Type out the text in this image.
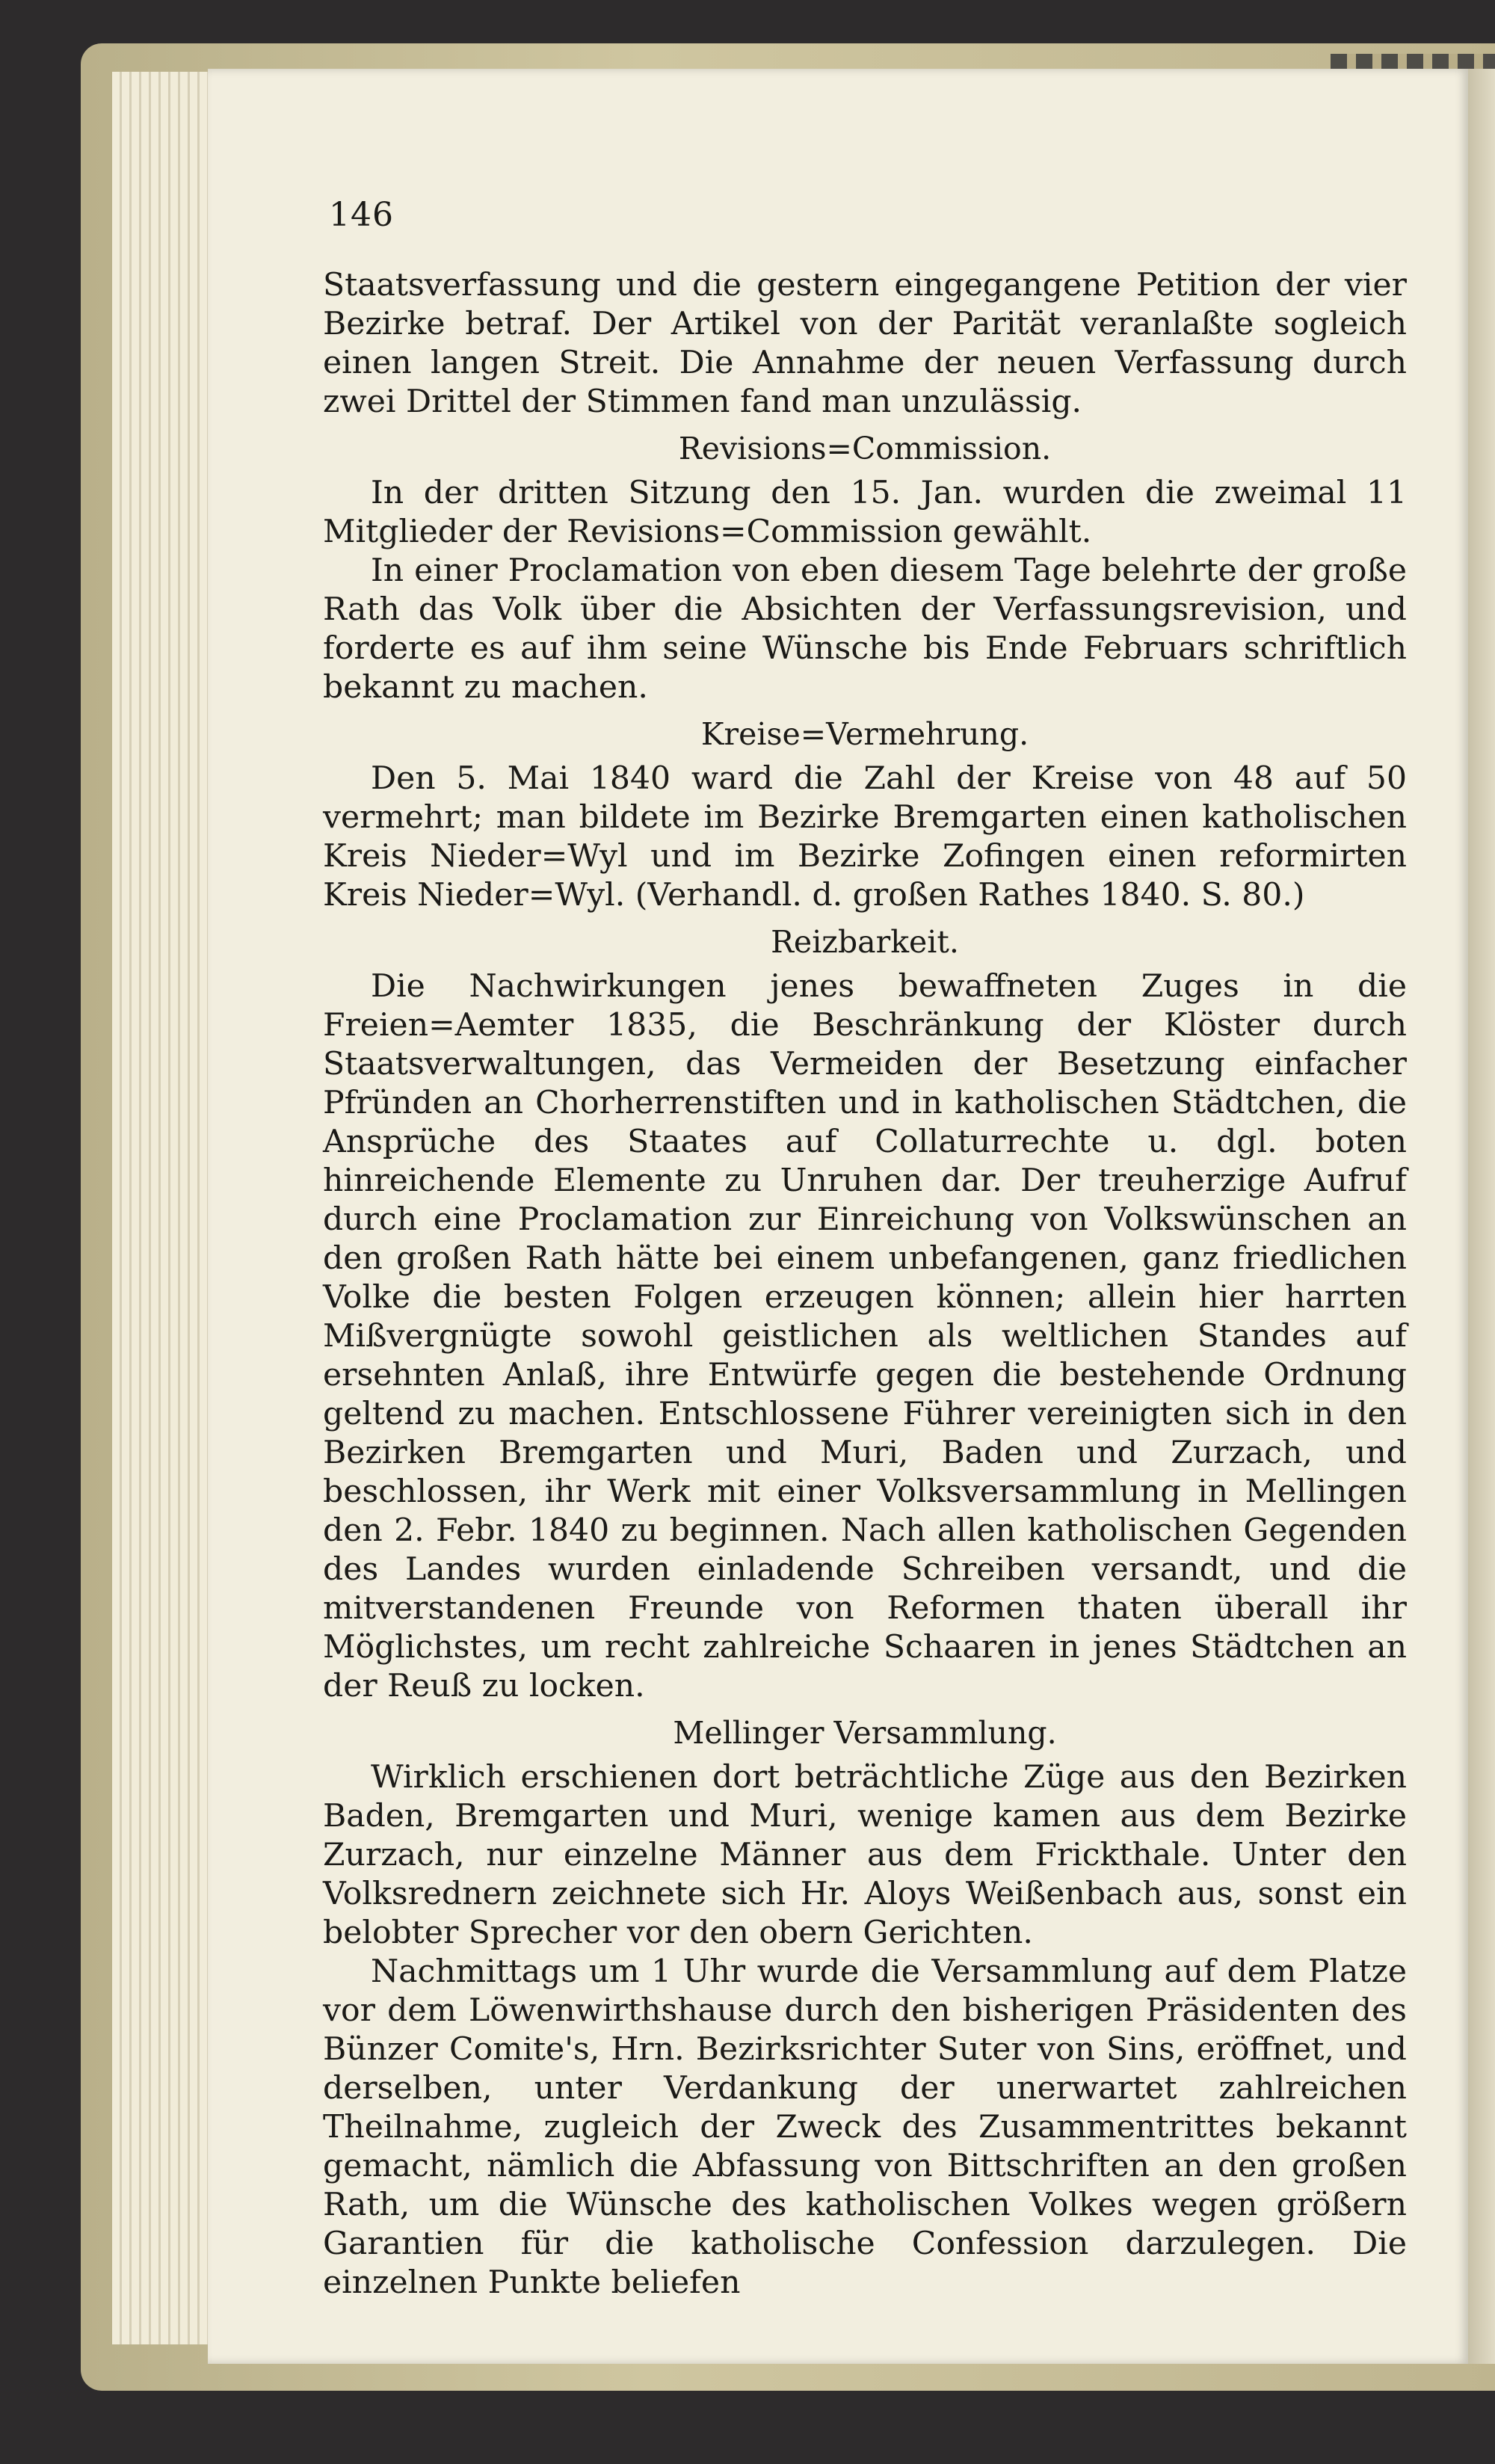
146

Staatsverfassung und die gestern eingegangene Petition der vier Bezirke betraf. Der Artikel von der Parität veranlaßte sogleich einen langen Streit. Die Annahme der neuen Verfassung durch zwei Drittel der Stimmen fand man unzulässig.

Revisions=Commission.

In der dritten Sitzung den 15. Jan. wurden die zweimal 11 Mitglieder der Revisions=Commission gewählt.

In einer Proclamation von eben diesem Tage belehrte der große Rath das Volk über die Absichten der Verfassungsrevision, und forderte es auf ihm seine Wünsche bis Ende Februars schriftlich bekannt zu machen.

Kreise=Vermehrung.

Den 5. Mai 1840 ward die Zahl der Kreise von 48 auf 50 vermehrt; man bildete im Bezirke Bremgarten einen katholischen Kreis Nieder=Wyl und im Bezirke Zofingen einen reformirten Kreis Nieder=Wyl. (Verhandl. d. großen Rathes 1840. S. 80.)

Reizbarkeit.

Die Nachwirkungen jenes bewaffneten Zuges in die Freien=Aemter 1835, die Beschränkung der Klöster durch Staatsverwaltungen, das Vermeiden der Besetzung einfacher Pfründen an Chorherrenstiften und in katholischen Städtchen, die Ansprüche des Staates auf Collaturrechte u. dgl. boten hinreichende Elemente zu Unruhen dar. Der treuherzige Aufruf durch eine Proclamation zur Einreichung von Volkswünschen an den großen Rath hätte bei einem unbefangenen, ganz friedlichen Volke die besten Folgen erzeugen können; allein hier harrten Mißvergnügte sowohl geistlichen als weltlichen Standes auf ersehnten Anlaß, ihre Entwürfe gegen die bestehende Ordnung geltend zu machen. Entschlossene Führer vereinigten sich in den Bezirken Bremgarten und Muri, Baden und Zurzach, und beschlossen, ihr Werk mit einer Volksversammlung in Mellingen den 2. Febr. 1840 zu beginnen. Nach allen katholischen Gegenden des Landes wurden einladende Schreiben versandt, und die mitverstandenen Freunde von Reformen thaten überall ihr Möglichstes, um recht zahlreiche Schaaren in jenes Städtchen an der Reuß zu locken.

Mellinger Versammlung.

Wirklich erschienen dort beträchtliche Züge aus den Bezirken Baden, Bremgarten und Muri, wenige kamen aus dem Bezirke Zurzach, nur einzelne Männer aus dem Frickthale. Unter den Volksrednern zeichnete sich Hr. Aloys Weißenbach aus, sonst ein belobter Sprecher vor den obern Gerichten.

Nachmittags um 1 Uhr wurde die Versammlung auf dem Platze vor dem Löwenwirthshause durch den bisherigen Präsidenten des Bünzer Comite's, Hrn. Bezirksrichter Suter von Sins, eröffnet, und derselben, unter Verdankung der unerwartet zahlreichen Theilnahme, zugleich der Zweck des Zusammentrittes bekannt gemacht, nämlich die Abfassung von Bittschriften an den großen Rath, um die Wünsche des katholischen Volkes wegen größern Garantien für die katholische Confession darzulegen. Die einzelnen Punkte beliefen
